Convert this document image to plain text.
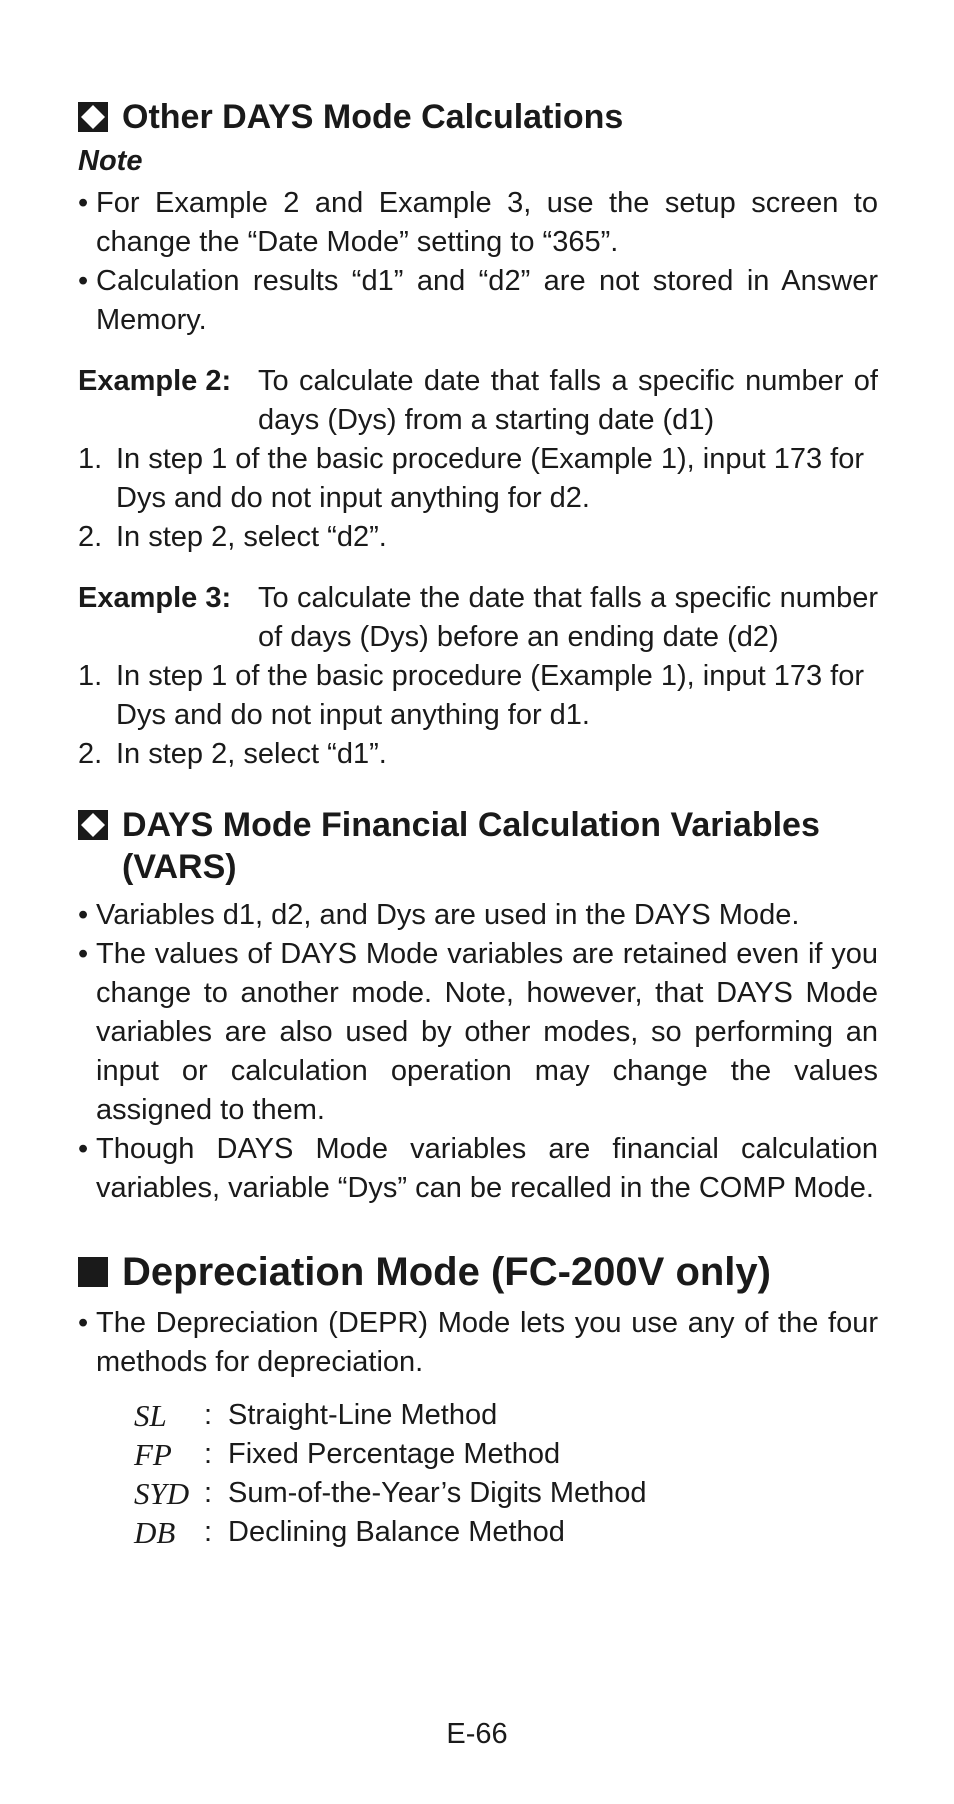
Other DAYS Mode Calculations
Note
• For Example 2 and Example 3, use the setup screen to change the “Date Mode” setting to “365”.
• Calculation results “d1” and “d2” are not stored in Answer Memory.
Example 2: To calculate date that falls a specific number of days (Dys) from a starting date (d1)
1. In step 1 of the basic procedure (Example 1), input 173 for Dys and do not input anything for d2.
2. In step 2, select “d2”.
Example 3: To calculate the date that falls a specific number of days (Dys) before an ending date (d2)
1. In step 1 of the basic procedure (Example 1), input 173 for Dys and do not input anything for d1.
2. In step 2, select “d1”.
DAYS Mode Financial Calculation Variables (VARS)
• Variables d1, d2, and Dys are used in the DAYS Mode.
• The values of DAYS Mode variables are retained even if you change to another mode. Note, however, that DAYS Mode variables are also used by other modes, so performing an input or calculation operation may change the values assigned to them.
• Though DAYS Mode variables are financial calculation variables, variable “Dys” can be recalled in the COMP Mode.
Depreciation Mode (FC-200V only)
• The Depreciation (DEPR) Mode lets you use any of the four methods for depreciation.
SL	: Straight-Line Method
FP	: Fixed Percentage Method
SYD : Sum-of-the-Year’s Digits Method
DB : Declining Balance Method
E-66
